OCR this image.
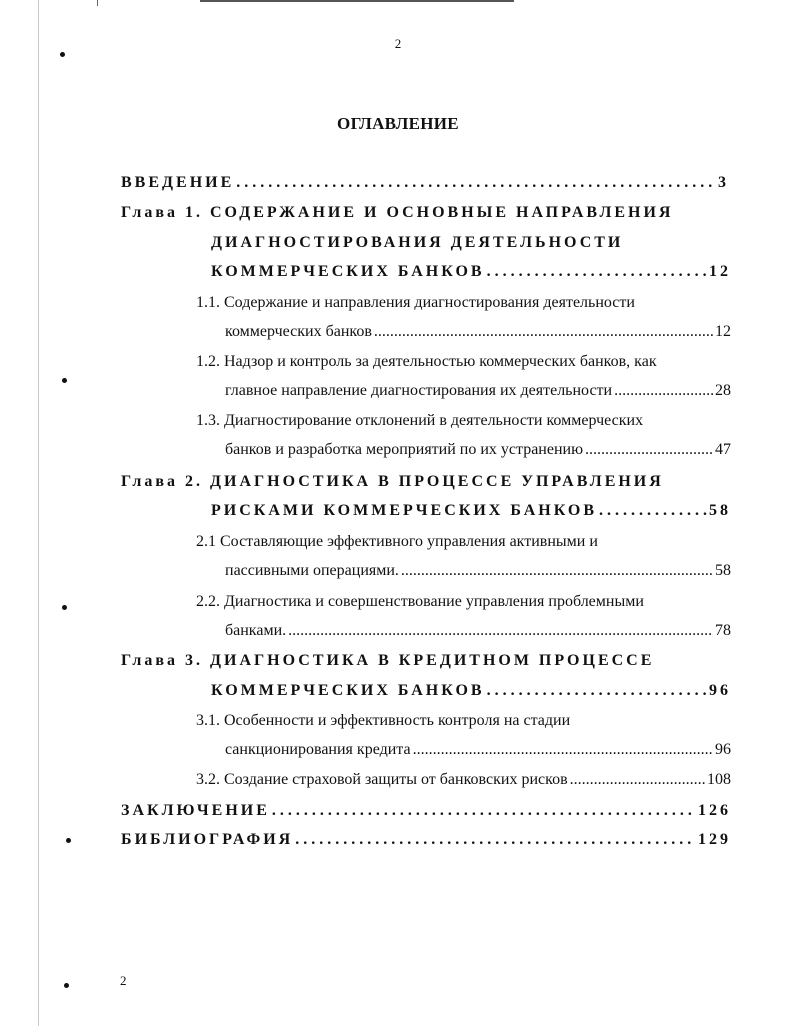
2
ОГЛАВЛЕНИЕ
ВВЕДЕНИЕ . . .	3
Глава 1. СОДЕРЖАНИЕ И ОСНОВНЫЕ НАПРАВЛЕНИЯ
ДИАГНОСТИРОВАНИЯ ДЕЯТЕЛЬНОСТИ
КОММЕРЧЕСКИХ БАНКОВ . . .	12
1.1. Содержание и направления диагностирования деятельности
коммерческих банков .....	12
1.2. Надзор и контроль за деятельностью коммерческих банков, как
главное направление диагностирования их деятельности .....	28
1.3. Диагностирование отклонений в деятельности коммерческих
банков и разработка мероприятий по их устранению .....	47
Глава 2. ДИАГНОСТИКА В ПРОЦЕССЕ УПРАВЛЕНИЯ
РИСКАМИ КОММЕРЧЕСКИХ БАНКОВ . . .	58
2.1 Составляющие эффективного управления активными и
пассивными операциями. .....	58
2.2. Диагностика и совершенствование управления проблемными
банками. .....	78
Глава 3. ДИАГНОСТИКА В КРЕДИТНОМ ПРОЦЕССЕ
КОММЕРЧЕСКИХ БАНКОВ . . .	96
3.1. Особенности и эффективность контроля на стадии
санкционирования кредита .....	96
3.2. Создание страховой защиты от банковских рисков .....	108
ЗАКЛЮЧЕНИЕ . . .	126
БИБЛИОГРАФИЯ . . .	129
2
